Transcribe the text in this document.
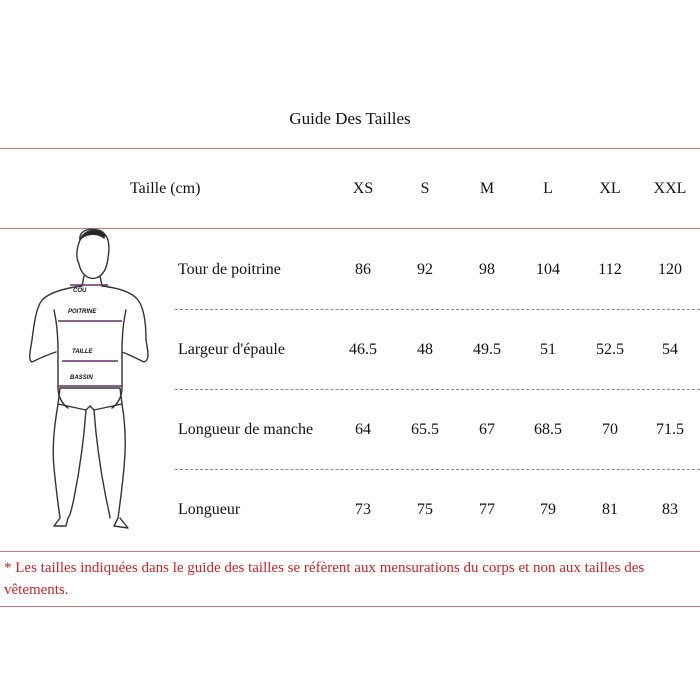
Guide Des Tailles
Taille (cm)	XS	S	M	L	XL	XXL
Tour de poitrine	86	92	98	104	112	120
Largeur d'épaule	46.5	48	49.5	51	52.5	54
Longueur de manche	64	65.5	67	68.5	70	71.5
Longueur	73	75	77	79	81	83
* Les tailles indiquées dans le guide des tailles se réfèrent aux mensurations du corps et non aux tailles des vêtements.
COU
POITRINE
TAILLE
BASSIN
